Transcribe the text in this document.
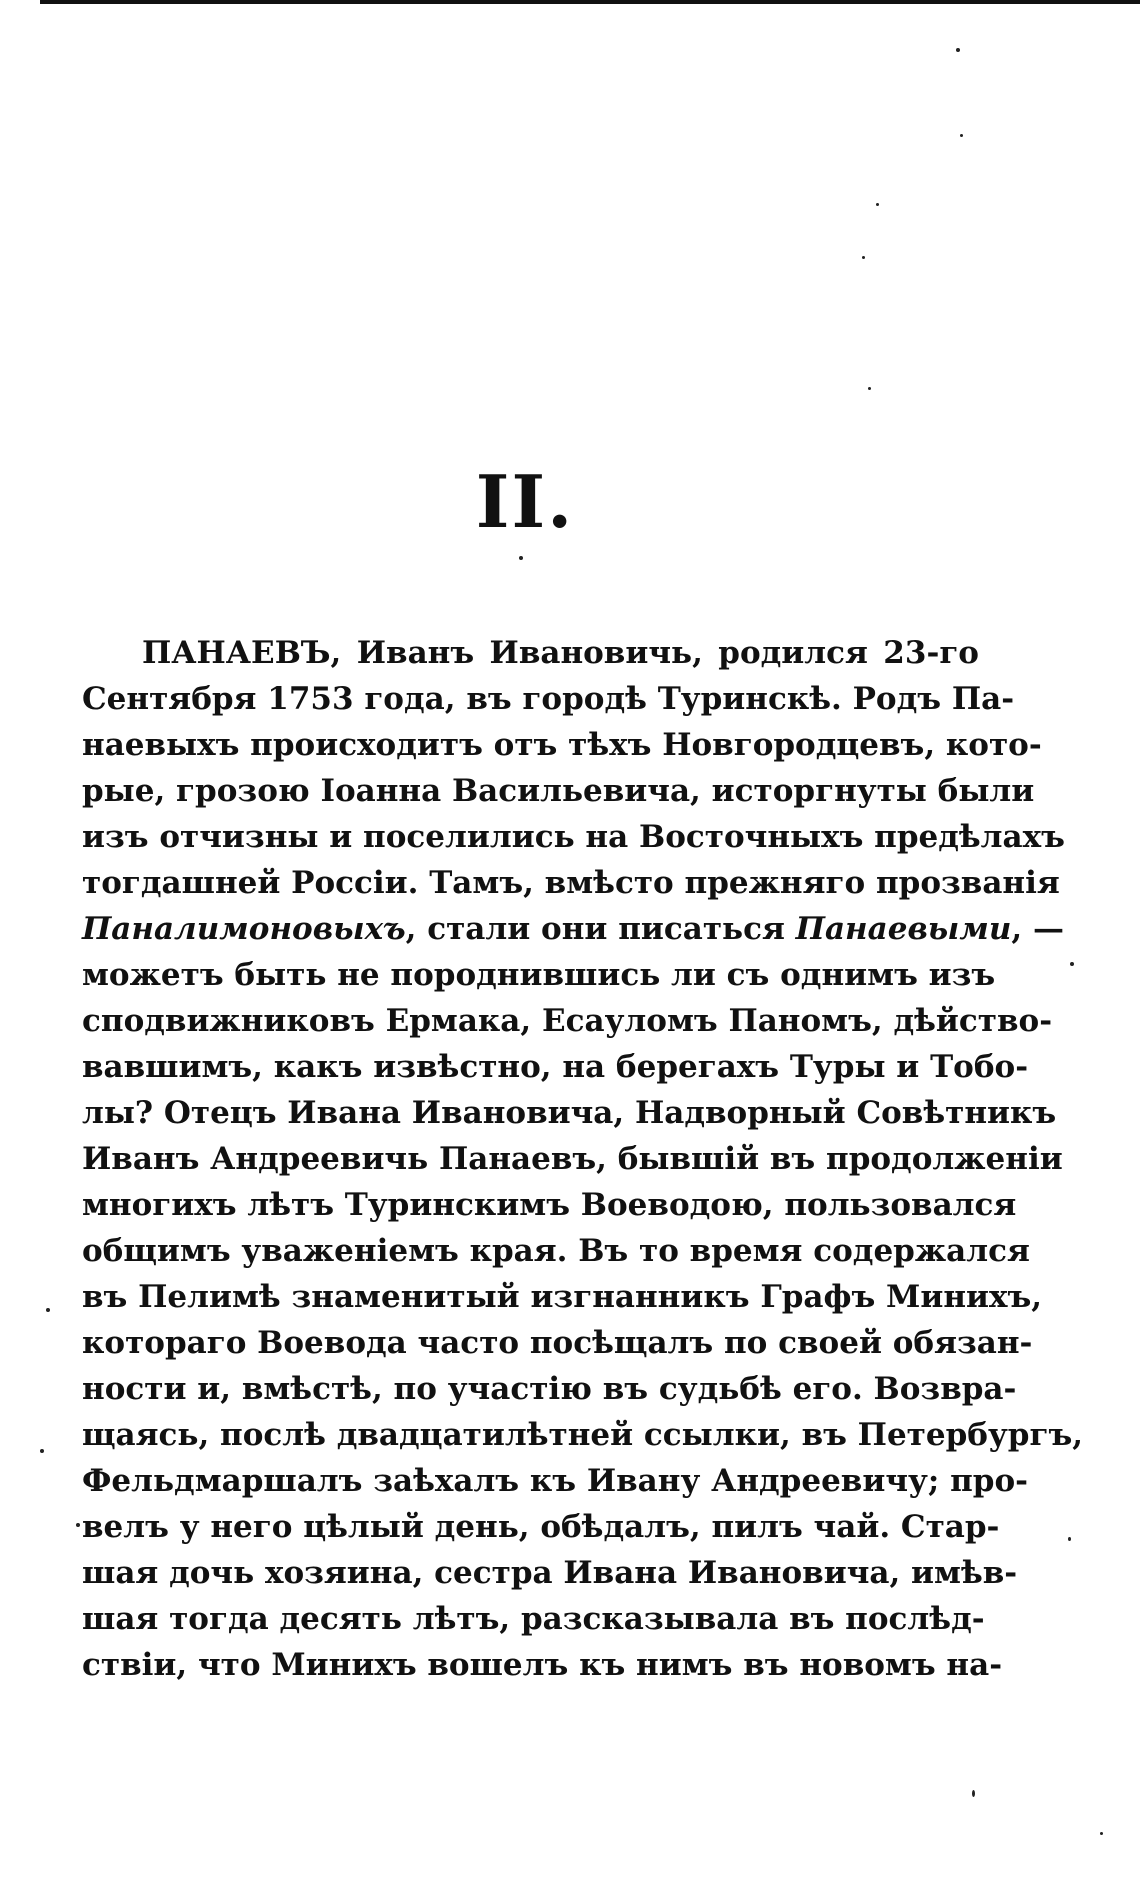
II.
ПАНАЕВЪ, Иванъ Ивановичь, родился 23-го
Сентября 1753 года, въ городѣ Туринскѣ. Родъ Па-
наевыхъ происходитъ отъ тѣхъ Новгородцевъ, кото-
рые, грозою Іоанна Васильевича, исторгнуты были
изъ отчизны и поселились на Восточныхъ предѣлахъ
тогдашней Россіи. Тамъ, вмѣсто прежняго прозванія
Паналимоновыхъ, стали они писаться Панаевыми, —
можетъ быть не породнившись ли съ однимъ изъ
сподвижниковъ Ермака, Есауломъ Паномъ, дѣйство-
вавшимъ, какъ извѣстно, на берегахъ Туры и Тобо-
лы? Отецъ Ивана Ивановича, Надворный Совѣтникъ
Иванъ Андреевичь Панаевъ, бывшій въ продолженіи
многихъ лѣтъ Туринскимъ Воеводою, пользовался
общимъ уваженіемъ края. Въ то время содержался
въ Пелимѣ знаменитый изгнанникъ Графъ Минихъ,
котораго Воевода часто посѣщалъ по своей обязан-
ности и, вмѣстѣ, по участію въ судьбѣ его. Возвра-
щаясь, послѣ двадцатилѣтней ссылки, въ Петербургъ,
Фельдмаршалъ заѣхалъ къ Ивану Андреевичу; про-
велъ у него цѣлый день, обѣдалъ, пилъ чай. Стар-
шая дочь хозяина, сестра Ивана Ивановича, имѣв-
шая тогда десять лѣтъ, разсказывала въ послѣд-
ствіи, что Минихъ вошелъ къ нимъ въ новомъ на-
